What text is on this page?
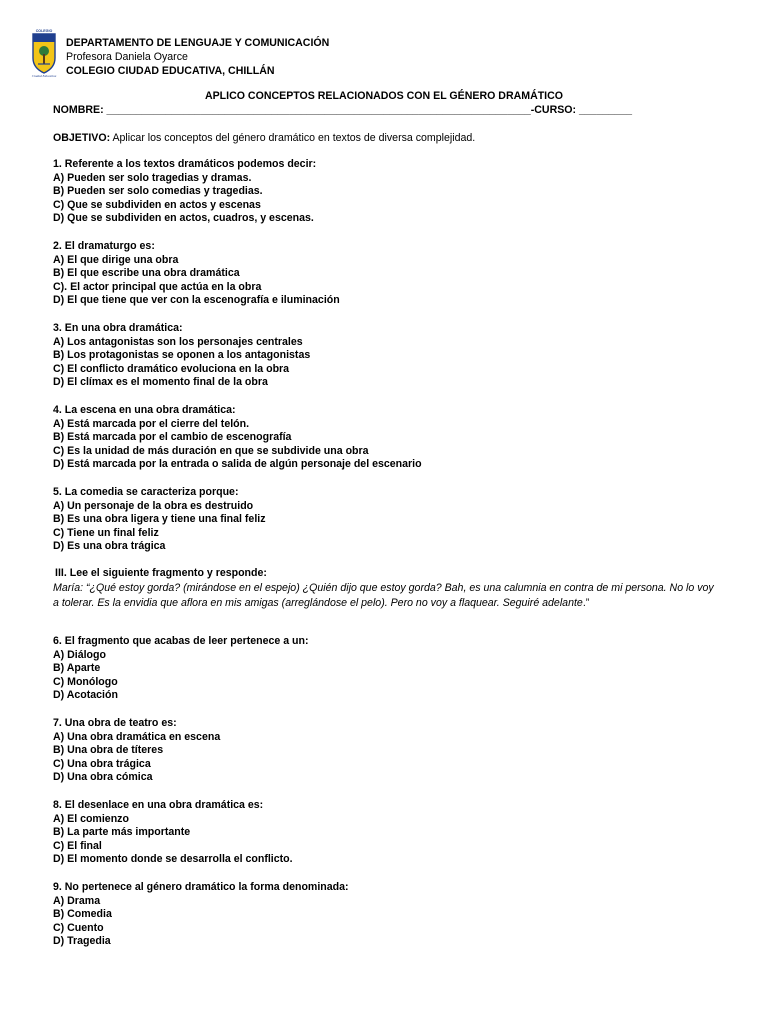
COLEGIO
Ciudad Educativa
DEPARTAMENTO DE LENGUAJE Y COMUNICACIÓN
Profesora Daniela Oyarce
COLEGIO CIUDAD EDUCATIVA, CHILLÁN
APLICO CONCEPTOS RELACIONADOS CON EL GÉNERO DRAMÁTICO
NOMBRE: ________________________________________________________________________-CURSO: _________
OBJETIVO: Aplicar los conceptos del género dramático en textos de diversa complejidad.
1. Referente a los textos dramáticos podemos decir:
A) Pueden ser solo tragedias y dramas.
B) Pueden ser solo comedias y tragedias.
C) Que se subdividen en actos y escenas
D) Que se subdividen en actos, cuadros, y escenas.
2. El dramaturgo es:
A) El que dirige una obra
B) El que escribe una obra dramática
C). El actor principal que actúa en la obra
D) El que tiene que ver con la escenografía e iluminación
3. En una obra dramática:
A) Los antagonistas son los personajes centrales
B) Los protagonistas se oponen a los antagonistas
C) El conflicto dramático evoluciona en la obra
D) El clímax es el momento final de la obra
4. La escena en una obra dramática:
A) Está marcada por el cierre del telón.
B) Está marcada por el cambio de escenografía
C) Es la unidad de más duración en que se subdivide una obra
D) Está marcada por la entrada o salida de algún personaje del escenario
5. La comedia se caracteriza porque:
A) Un personaje de la obra es destruido
B) Es una obra ligera y tiene una final feliz
C) Tiene un final feliz
D) Es una obra trágica
III. Lee el siguiente fragmento y responde:
María: “¿Qué estoy gorda? (mirándose en el espejo) ¿Quién dijo que estoy gorda? Bah, es una calumnia en contra de mi persona. No lo voy a tolerar. Es la envidia que aflora en mis amigas (arreglándose el pelo). Pero no voy a flaquear. Seguiré adelante.”
6. El fragmento que acabas de leer pertenece a un:
A) Diálogo
B) Aparte
C) Monólogo
D) Acotación
7. Una obra de teatro es:
A) Una obra dramática en escena
B) Una obra de títeres
C) Una obra trágica
D) Una obra cómica
8. El desenlace en una obra dramática es:
A) El comienzo
B) La parte más importante
C) El final
D) El momento donde se desarrolla el conflicto.
9. No pertenece al género dramático la forma denominada:
A) Drama
B) Comedia
C) Cuento
D) Tragedia
